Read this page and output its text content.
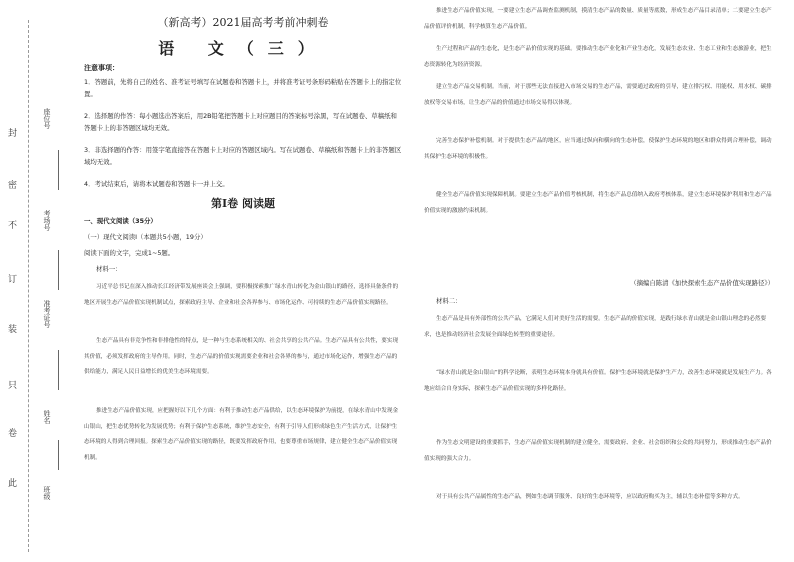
封
密
不
订
装
只
卷
此
座位号
考场号
准考证号
姓名
班级
（新高考）2021届高考考前冲刺卷
语 文（三）
注意事项：
1．答题前，先将自己的姓名、准考证号填写在试题卷和答题卡上，并将准考证号条形码粘贴在答题卡上的指定位置。
2．选择题的作答：每小题选出答案后，用2B铅笔把答题卡上对应题目的答案标号涂黑，写在试题卷、草稿纸和答题卡上的非答题区域均无效。
3．非选择题的作答：用签字笔直接答在答题卡上对应的答题区域内。写在试题卷、草稿纸和答题卡上的非答题区域均无效。
4．考试结束后，请将本试题卷和答题卡一并上交。
第Ⅰ卷 阅读题
一、现代文阅读（35分）
（一）现代文阅读Ⅰ（本题共5小题，19分）
阅读下面的文字，完成1~5题。
材料一：
习近平总书记在深入推动长江经济带发展座谈会上强调，要积极探索推广绿水青山转化为金山银山的路径，选择具备条件的地区开展生态产品价值实现机制试点，探索政府主导、企业和社会各界参与、市场化运作、可持续的生态产品价值实现路径。
生态产品具有非竞争性和非排他性的特点，是一种与生态系统相关的、社会共享的公共产品。生态产品具有公共性，要实现其价值，必须发挥政府的主导作用。同时，生态产品的价值实现需要企业和社会各界的参与，通过市场化运作，增强生态产品的供给能力，满足人民日益增长的优美生态环境需要。
推进生态产品价值实现，应把握好以下几个方面：有利于推动生态产品供给，以生态环境保护为前提，在绿水青山中发现金山银山，把生态优势转化为发展优势；有利于保护生态系统，维护生态安全，有利于引导人们形成绿色生产生活方式，让保护生态环境的人得到合理回报。探索生态产品价值实现的路径，既要发挥政府作用，也要尊重市场规律，建立健全生态产品价值实现机制。
推进生态产品价值实现，一要建立生态产品调查监测机制，摸清生态产品的数量、质量等底数，形成生态产品目录清单；二要建立生态产品价值评价机制，科学核算生态产品价值。
生产过程和产品的生态化，是生态产品价值实现的基础。要推动生态产业化和产业生态化，发展生态农业、生态工业和生态旅游业，把生态资源转化为经济资源。
建立生态产品交易机制。当前，对于那些无法直接进入市场交易的生态产品，需要通过政府的引导，建立排污权、用能权、用水权、碳排放权等交易市场，让生态产品的价值通过市场交易得以体现。
完善生态保护补偿机制。对于提供生态产品的地区，应当通过纵向和横向的生态补偿，使保护生态环境的地区和群众得到合理补偿，调动其保护生态环境的积极性。
健全生态产品价值实现保障机制。要建立生态产品价值考核机制，将生态产品总值纳入政府考核体系，建立生态环境保护利用和生态产品价值实现的激励约束机制。
（摘编自陈清《加快探索生态产品价值实现路径》）
材料二：
生态产品是具有外部性的公共产品，它满足人们对美好生活的需要。生态产品的价值实现，是践行绿水青山就是金山银山理念的必然要求，也是推动经济社会发展全面绿色转型的重要途径。
“绿水青山就是金山银山”的科学论断，表明生态环境本身就具有价值。保护生态环境就是保护生产力，改善生态环境就是发展生产力。各地应结合自身实际，探索生态产品价值实现的多样化路径。
作为生态文明建设的重要抓手，生态产品价值实现机制的建立健全，需要政府、企业、社会组织和公众的共同努力，形成推动生态产品价值实现的强大合力。
对于具有公共产品属性的生态产品，例如生态调节服务、良好的生态环境等，应以政府购买为主，辅以生态补偿等多种方式。
